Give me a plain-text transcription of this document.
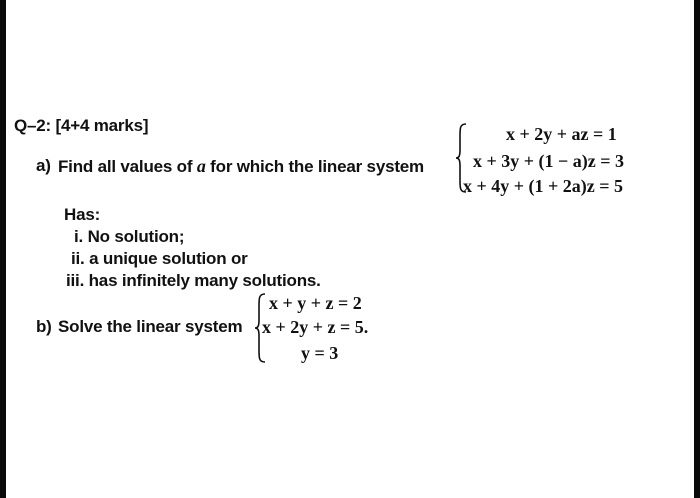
Q–2: [4+4 marks]
a) Find all values of a for which the linear system
x + 2y + az = 1
x + 3y + (1 − a)z = 3
x + 4y + (1 + 2a)z = 5
Has:
i. No solution;
ii. a unique solution or
iii. has infinitely many solutions.
b) Solve the linear system
x + y + z = 2
x + 2y + z = 5.
y = 3
